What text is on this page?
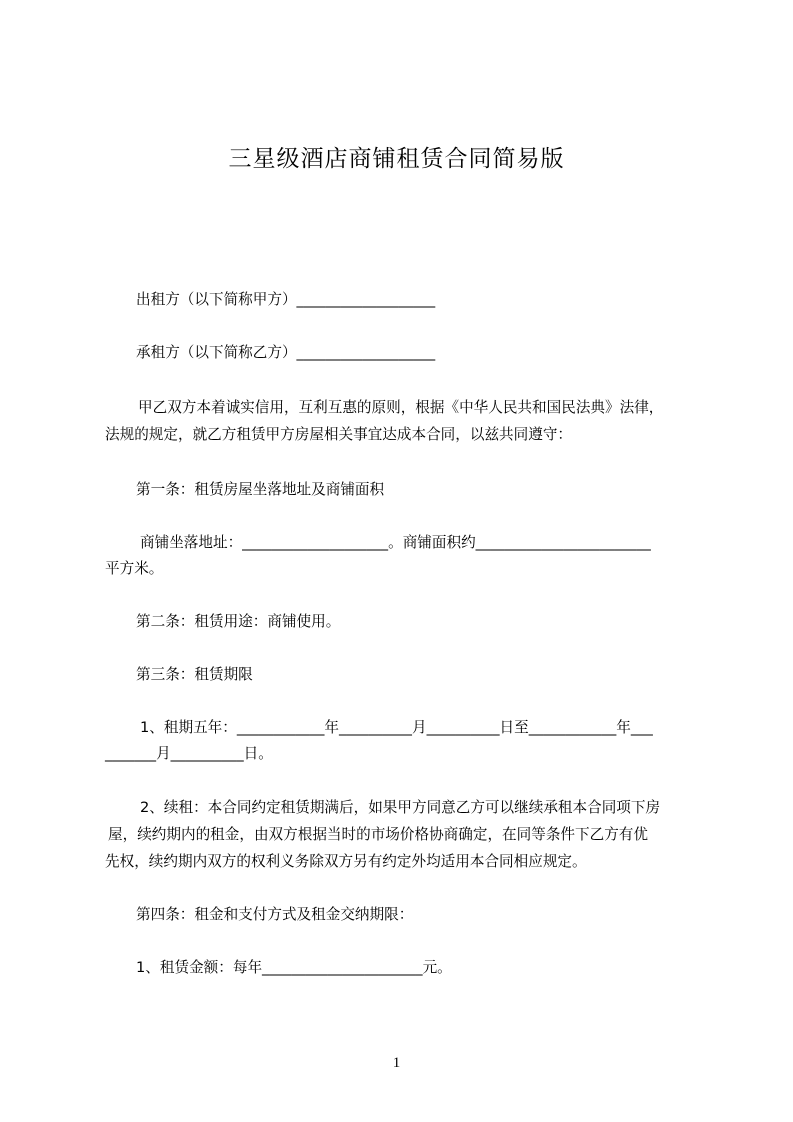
三星级酒店商铺租赁合同简易版
出租方（以下简称甲方）___________________
承租方（以下简称乙方）___________________
甲乙双方本着诚实信用，互利互惠的原则，根据《中华人民共和国民法典》法律，
法规的规定，就乙方租赁甲方房屋相关事宜达成本合同，以兹共同遵守：
第一条：租赁房屋坐落地址及商铺面积
商铺坐落地址：____________________。商铺面积约________________________
平方米。
第二条：租赁用途：商铺使用。
第三条：租赁期限
1、租期五年：____________年__________月__________日至____________年___
_______月__________日。
2、续租：本合同约定租赁期满后，如果甲方同意乙方可以继续承租本合同项下房
屋，续约期内的租金，由双方根据当时的市场价格协商确定，在同等条件下乙方有优
先权，续约期内双方的权利义务除双方另有约定外均适用本合同相应规定。
第四条：租金和支付方式及租金交纳期限：
1、租赁金额：每年______________________元。
1
